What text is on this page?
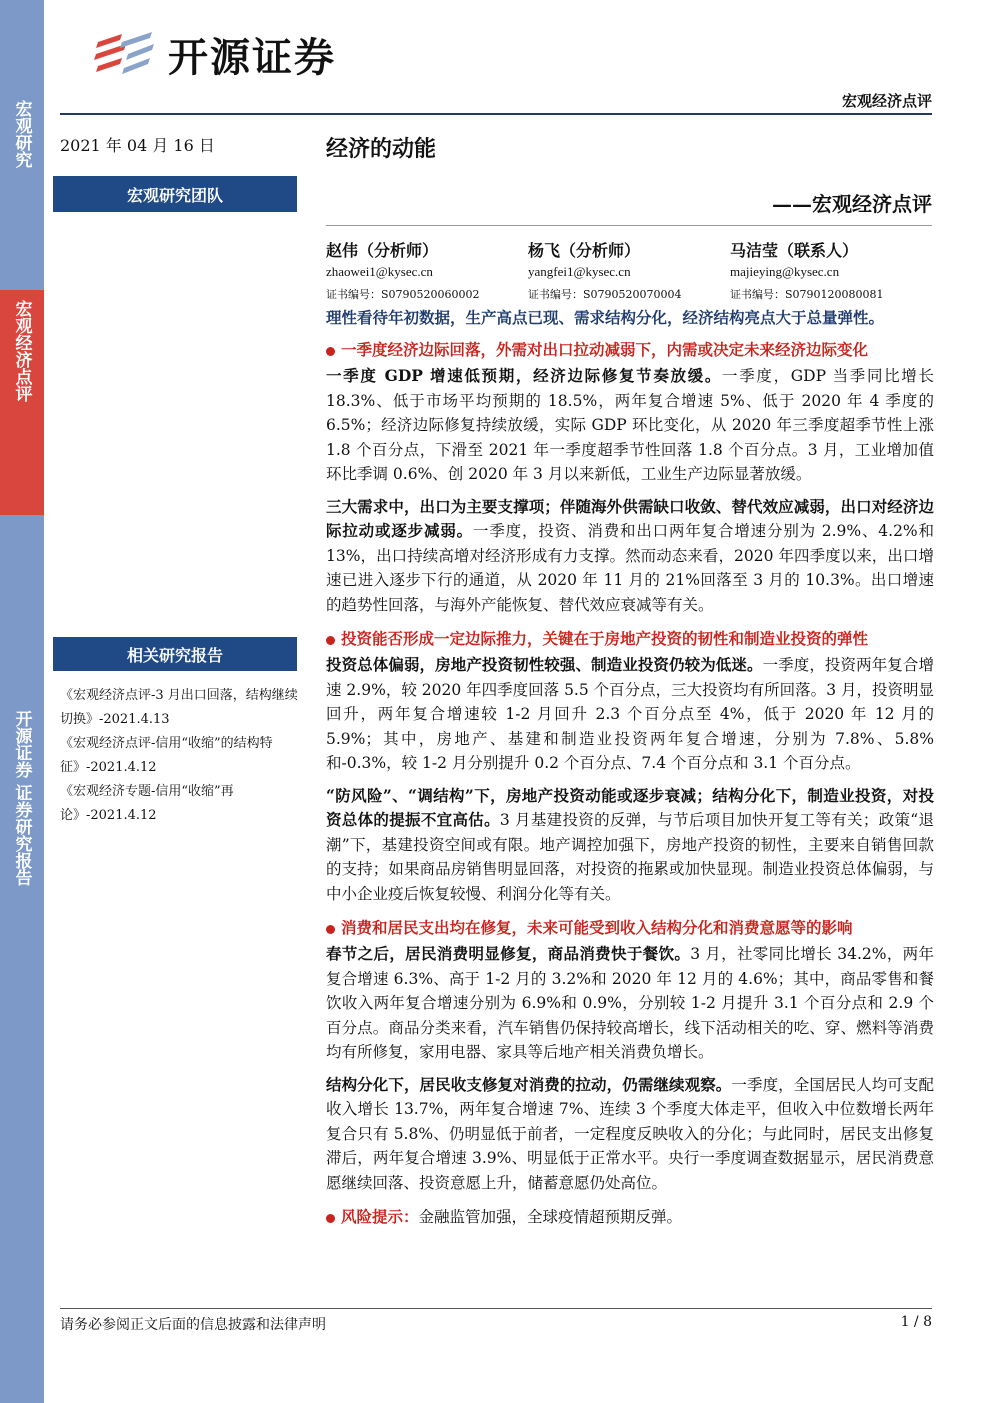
宏观研究
宏观经济点评
开源证券 证券研究报告
开源证券
宏观经济点评
2021 年 04 月 16 日
宏观研究团队
经济的动能
——宏观经济点评
赵伟（分析师）
zhaowei1@kysec.cn
证书编号：S0790520060002
杨飞（分析师）
yangfei1@kysec.cn
证书编号：S0790520070004
马洁莹（联系人）
majieying@kysec.cn
证书编号：S0790120080081
相关研究报告
《宏观经济点评-3 月出口回落，结构继续切换》-2021.4.13
《宏观经济点评-信用“收缩”的结构特征》-2021.4.12
《宏观经济专题-信用“收缩”再论》-2021.4.12
理性看待年初数据，生产高点已现、需求结构分化，经济结构亮点大于总量弹性。
一季度经济边际回落，外需对出口拉动减弱下，内需或决定未来经济边际变化

一季度 GDP 增速低预期，经济边际修复节奏放缓。一季度，GDP 当季同比增长 18.3%、低于市场平均预期的 18.5%，两年复合增速 5%、低于 2020 年 4 季度的 6.5%；经济边际修复持续放缓，实际 GDP 环比变化，从 2020 年三季度超季节性上涨 1.8 个百分点，下滑至 2021 年一季度超季节性回落 1.8 个百分点。3 月，工业增加值环比季调 0.6%、创 2020 年 3 月以来新低，工业生产边际显著放缓。

三大需求中，出口为主要支撑项；伴随海外供需缺口收敛、替代效应减弱，出口对经济边际拉动或逐步减弱。一季度，投资、消费和出口两年复合增速分别为 2.9%、4.2%和 13%，出口持续高增对经济形成有力支撑。然而动态来看，2020 年四季度以来，出口增速已进入逐步下行的通道，从 2020 年 11 月的 21%回落至 3 月的 10.3%。出口增速的趋势性回落，与海外产能恢复、替代效应衰减等有关。

投资能否形成一定边际推力，关键在于房地产投资的韧性和制造业投资的弹性

投资总体偏弱，房地产投资韧性较强、制造业投资仍较为低迷。一季度，投资两年复合增速 2.9%，较 2020 年四季度回落 5.5 个百分点，三大投资均有所回落。3 月，投资明显回升，两年复合增速较 1-2 月回升 2.3 个百分点至 4%，低于 2020 年 12 月的 5.9%；其中，房地产、基建和制造业投资两年复合增速，分别为 7.8%、5.8%和-0.3%，较 1-2 月分别提升 0.2 个百分点、7.4 个百分点和 3.1 个百分点。

“防风险”、“调结构”下，房地产投资动能或逐步衰减；结构分化下，制造业投资，对投资总体的提振不宜高估。3 月基建投资的反弹，与节后项目加快开复工等有关；政策“退潮”下，基建投资空间或有限。地产调控加强下，房地产投资的韧性，主要来自销售回款的支持；如果商品房销售明显回落，对投资的拖累或加快显现。制造业投资总体偏弱，与中小企业疫后恢复较慢、利润分化等有关。

消费和居民支出均在修复，未来可能受到收入结构分化和消费意愿等的影响

春节之后，居民消费明显修复，商品消费快于餐饮。3 月，社零同比增长 34.2%，两年复合增速 6.3%、高于 1-2 月的 3.2%和 2020 年 12 月的 4.6%；其中，商品零售和餐饮收入两年复合增速分别为 6.9%和 0.9%，分别较 1-2 月提升 3.1 个百分点和 2.9 个百分点。商品分类来看，汽车销售仍保持较高增长，线下活动相关的吃、穿、燃料等消费均有所修复，家用电器、家具等后地产相关消费负增长。

结构分化下，居民收支修复对消费的拉动，仍需继续观察。一季度，全国居民人均可支配收入增长 13.7%，两年复合增速 7%、连续 3 个季度大体走平，但收入中位数增长两年复合只有 5.8%、仍明显低于前者，一定程度反映收入的分化；与此同时，居民支出修复滞后，两年复合增速 3.9%、明显低于正常水平。央行一季度调查数据显示，居民消费意愿继续回落、投资意愿上升，储蓄意愿仍处高位。

风险提示：金融监管加强，全球疫情超预期反弹。
请务必参阅正文后面的信息披露和法律声明	1 / 8
